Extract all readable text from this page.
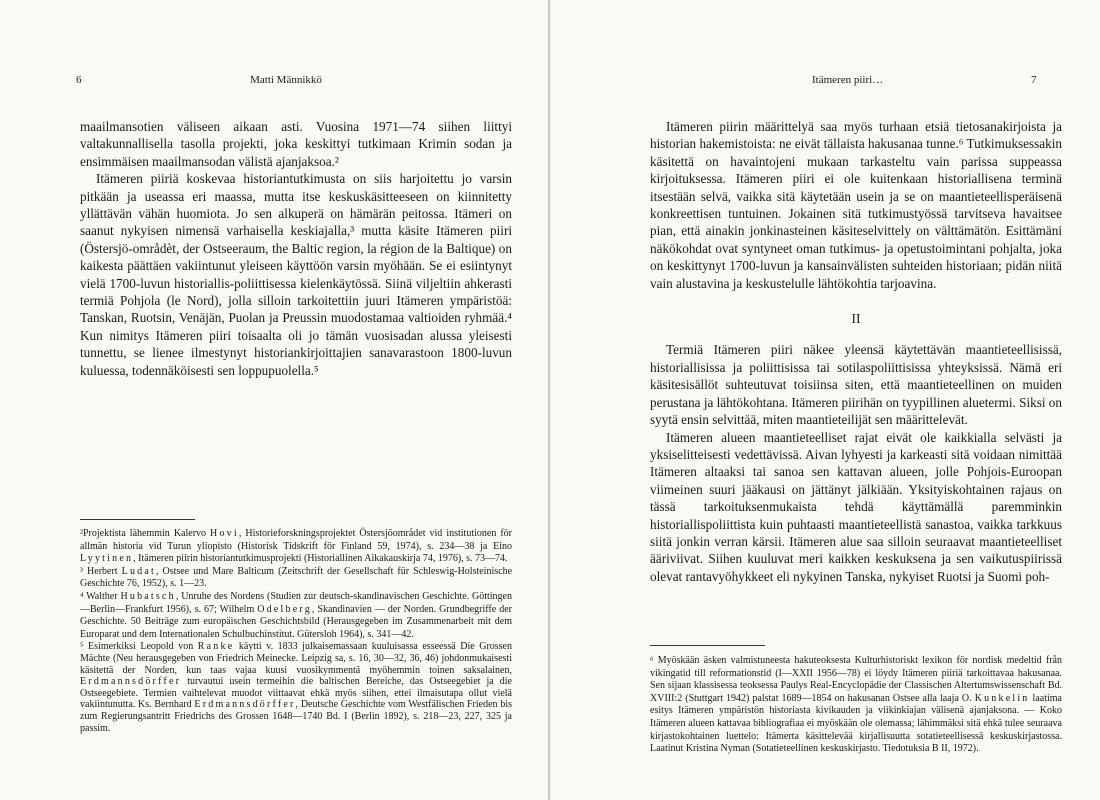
6	Matti Männikkö

maailmansotien väliseen aikaan asti. Vuosina 1971—74 siihen liittyi valtakunnallisella tasolla projekti, joka keskittyi tutkimaan Krimin sodan ja ensimmäisen maailmansodan välistä ajanjaksoa.²

Itämeren piiriä koskevaa historiantutkimusta on siis harjoitettu jo varsin pitkään ja useassa eri maassa, mutta itse keskuskäsitteeseen on kiinnitetty yllättävän vähän huomiota. Jo sen alkuperä on hämärän peitossa. Itämeri on saanut nykyisen nimensä varhaisella keskiajalla,³ mutta käsite Itämeren piiri (Östersjö-områdèt, der Ostseeraum, the Baltic region, la région de la Baltique) on kaikesta päättäen vakiintunut yleiseen käyttöön varsin myöhään. Se ei esiintynyt vielä 1700-luvun historiallis-poliittisessa kielenkäytössä. Siinä viljeltiin ahkerasti termiä Pohjola (le Nord), jolla silloin tarkoitettiin juuri Itämeren ympäristöä: Tanskan, Ruotsin, Venäjän, Puolan ja Preussin muodostamaa valtioiden ryhmää.⁴ Kun nimitys Itämeren piiri toisaalta oli jo tämän vuosisadan alussa yleisesti tunnettu, se lienee ilmestynyt historiankirjoittajien sanavarastoon 1800-luvun kuluessa, todennäköisesti sen loppupuolella.⁵

²Projektista lähemmin Kalervo Hovi, Historieforskningsprojektet Östersjöområdet vid institutionen för allmän historia vid Turun yliopisto (Historisk Tidskrift för Finland 59, 1974), s. 234—38 ja Eino Lyytinen, Itämeren piirin historiantutkimusprojekti (Historiallinen Aikakauskirja 74, 1976), s. 73—74.

³ Herbert Ludat, Ostsee und Mare Balticum (Zeitschrift der Gesellschaft für Schleswig-Holsteinische Geschichte 76, 1952), s. 1—23.

⁴ Walther Hubatsch, Unruhe des Nordens (Studien zur deutsch-skandinavischen Geschichte. Göttingen—Berlin—Frankfurt 1956), s. 67; Wilhelm Odelberg, Skandinavien — der Norden. Grundbegriffe der Geschichte. 50 Beiträge zum europäischen Geschichtsbild (Herausgegeben im Zusammenarbeit mit dem Europarat und dem Internationalen Schulbuchinstitut. Gütersloh 1964), s. 341—42.

⁵ Esimerkiksi Leopold von Ranke käytti v. 1833 julkaisemassaan kuuluisassa esseessä Die Grossen Mächte (Neu herausgegeben von Friedrich Meinecke. Leipzig sa, s. 16, 30—32, 36, 46) johdonmukaisesti käsitettä der Norden, kun taas vajaa kuusi vuosikymmentä myöhemmin toinen saksalainen, Erdmannsdörffer turvautui usein termeihin die baltischen Bereiche, das Ostseegebiet ja die Ostseegebiete. Termien vaihtelevat muodot viittaavat ehkä myös siihen, ettei ilmaisutapa ollut vielä vakiintunutta. Ks. Bernhard Erdmannsdörffer, Deutsche Geschichte vom Westfälischen Frieden bis zum Regierungsantritt Friedrichs des Grossen 1648—1740 Bd. I (Berlin 1892), s. 218—23, 227, 325 ja passim.

Itämeren piiri…	7

Itämeren piirin määrittelyä saa myös turhaan etsiä tietosanakirjoista ja historian hakemistoista: ne eivät tällaista hakusanaa tunne.⁶ Tutkimuksessakin käsitettä on havaintojeni mukaan tarkasteltu vain parissa suppeassa kirjoituksessa. Itämeren piiri ei ole kuitenkaan historiallisena terminä itsestään selvä, vaikka sitä käytetään usein ja se on maantieteellisperäisenä konkreettisen tuntuinen. Jokainen sitä tutkimustyössä tarvitseva havaitsee pian, että ainakin jonkinasteinen käsiteselvittely on välttämätön. Esittämäni näkökohdat ovat syntyneet oman tutkimus- ja opetustoimintani pohjalta, joka on keskittynyt 1700-luvun ja kansainvälisten suhteiden historiaan; pidän niitä vain alustavina ja keskustelulle lähtökohtia tarjoavina.

II

Termiä Itämeren piiri näkee yleensä käytettävän maantieteellisissä, historiallisissa ja poliittisissa tai sotilaspoliittisissa yhteyksissä. Nämä eri käsitesisällöt suhteutuvat toisiinsa siten, että maantieteellinen on muiden perustana ja lähtökohtana. Itämeren piirihän on tyypillinen aluetermi. Siksi on syytä ensin selvittää, miten maantieteilijät sen määrittelevät.

Itämeren alueen maantieteelliset rajat eivät ole kaikkialla selvästi ja yksiselitteisesti vedettävissä. Aivan lyhyesti ja karkeasti sitä voidaan nimittää Itämeren altaaksi tai sanoa sen kattavan alueen, jolle Pohjois-Euroopan viimeinen suuri jääkausi on jättänyt jälkiään. Yksityiskohtainen rajaus on tässä tarkoituksenmukaista tehdä käyttämällä paremminkin historiallispoliittista kuin puhtaasti maantieteellistä sanastoa, vaikka tarkkuus siitä jonkin verran kärsii. Itämeren alue saa silloin seuraavat maantieteelliset ääriviivat. Siihen kuuluvat meri kaikken keskuksena ja sen vaikutuspiirissä olevat rantavyöhykkeet eli nykyinen Tanska, nykyiset Ruotsi ja Suomi poh-

⁶ Myöskään äsken valmistuneesta hakuteoksesta Kulturhistoriskt lexikon för nordisk medeltid från vikingatid till reformationstid (I—XXII 1956—78) ei löydy Itämeren piiriä tarkoittavaa hakusanaa. Sen sijaan klassisessa teoksessa Paulys Real-Encyclopädie der Classischen Altertumswissenschaft Bd. XVIII:2 (Stuttgart 1942) palstat 1689—1854 on hakusanan Ostsee alla laaja O. Kunkelin laatima esitys Itämeren ympäristön historiasta kivikauden ja viikinkiajan välisenä ajanjaksona. — Koko Itämeren alueen kattavaa bibliografiaa ei myöskään ole olemassa; lähimmäksi sitä ehkä tulee seuraava kirjastokohtainen luettelo: Itämerta käsittelevää kirjallisuutta sotatieteellisessä keskuskirjastossa. Laatinut Kristina Nyman (Sotatieteellinen keskuskirjasto. Tiedotuksia B II, 1972).
